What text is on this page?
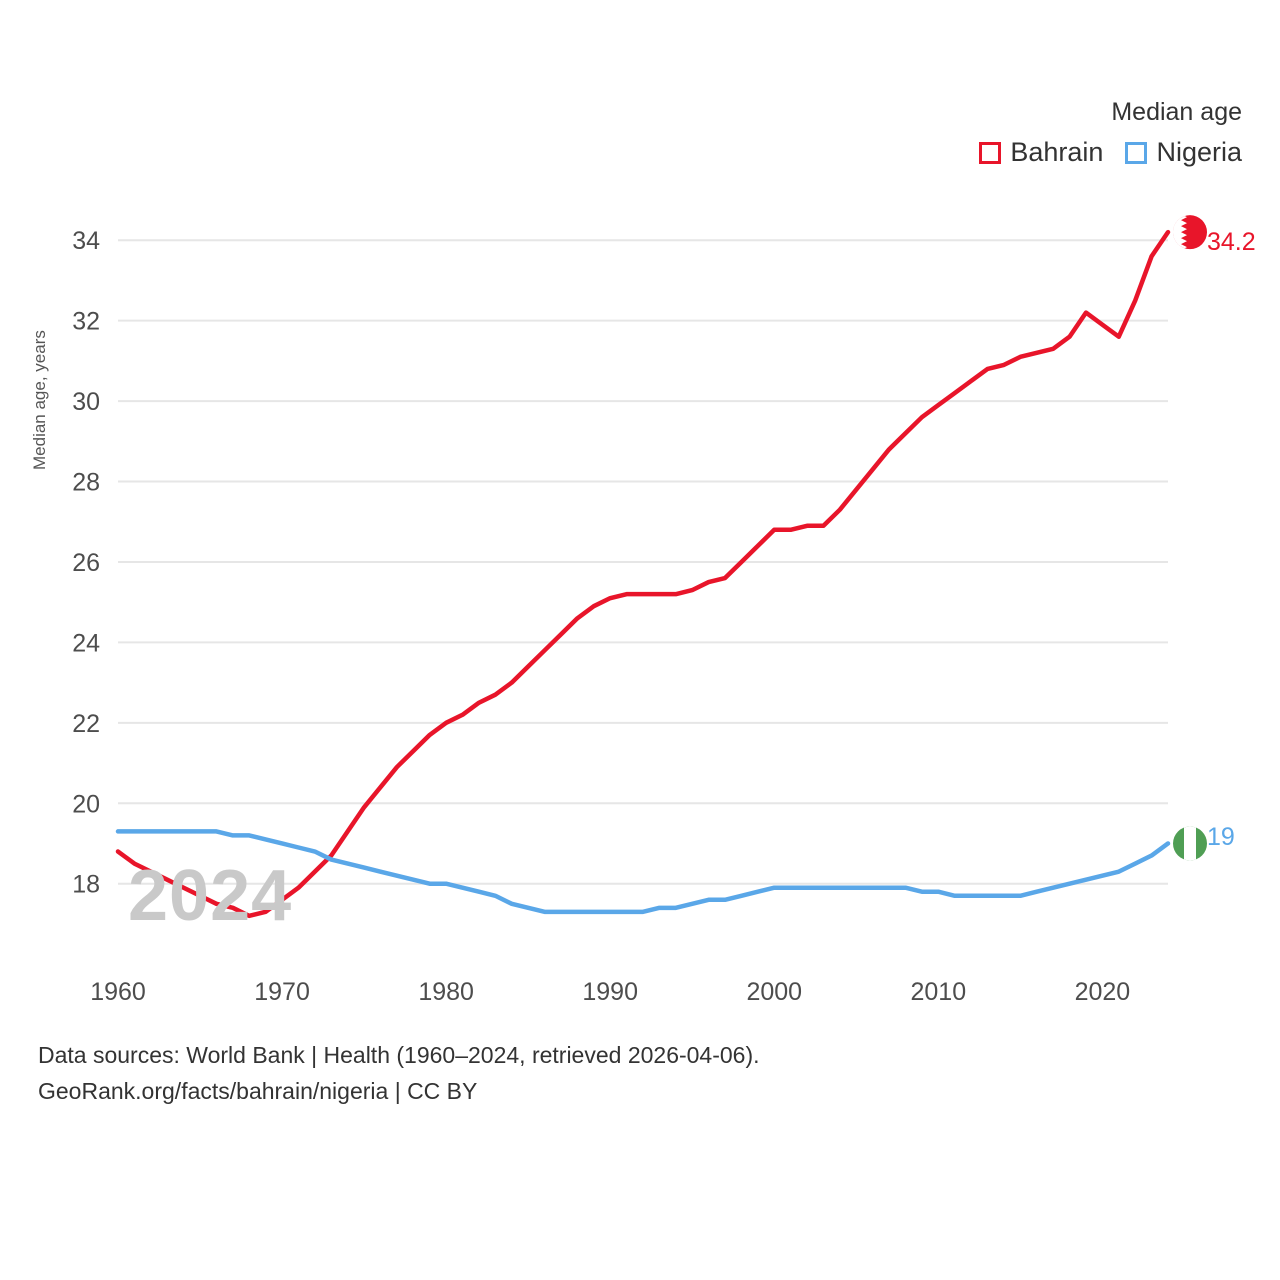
18
20
22
24
26
28
30
32
34
1960	1970	1980	1990	2000	2010	2020
Median age, years
2024
Median age
Bahrain Nigeria
34.2
19
Data sources: World Bank | Health (1960–2024, retrieved 2026-04-06).
GeoRank.org/facts/bahrain/nigeria | CC BY
